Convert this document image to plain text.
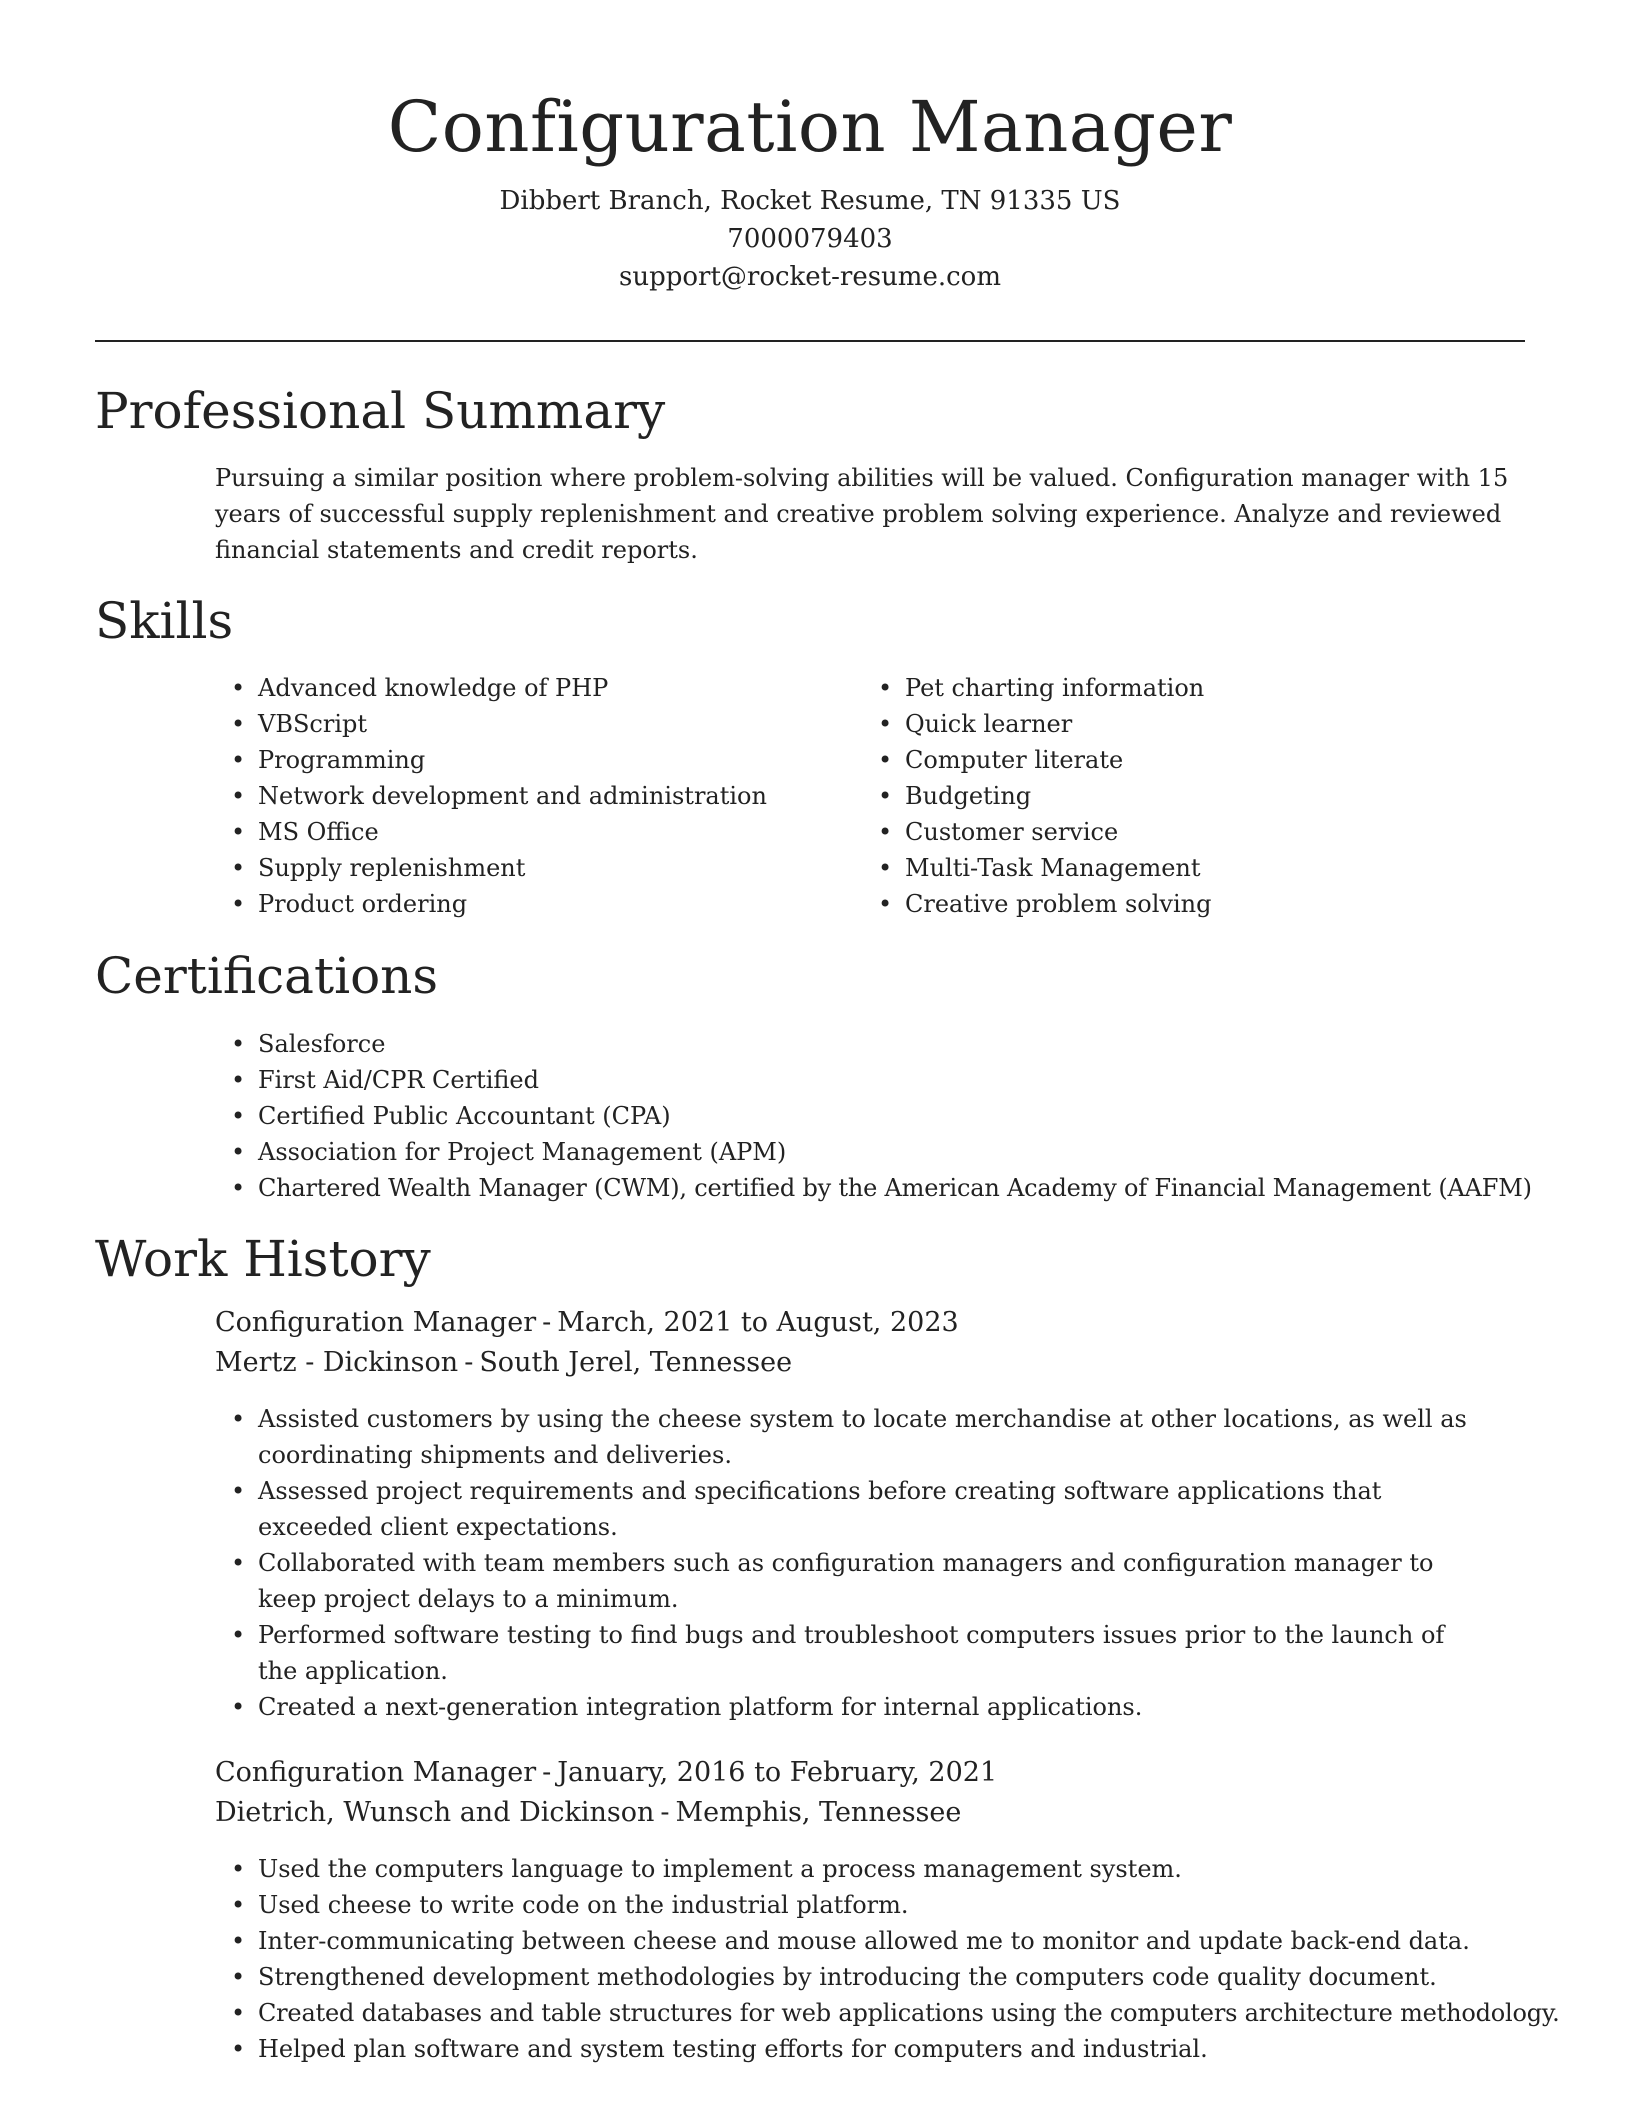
Configuration Manager
Dibbert Branch, Rocket Resume, TN 91335 US
7000079403
support@rocket-resume.com
Professional Summary

Pursuing a similar position where problem-solving abilities will be valued. Configuration manager with 15 years of successful supply replenishment and creative problem solving experience. Analyze and reviewed financial statements and credit reports.

Skills
• Advanced knowledge of PHP
• VBScript
• Programming
• Network development and administration
• MS Office
• Supply replenishment
• Product ordering
• Pet charting information
• Quick learner
• Computer literate
• Budgeting
• Customer service
• Multi-Task Management
• Creative problem solving
Certifications
• Salesforce
• First Aid/CPR Certified
• Certified Public Accountant (CPA)
• Association for Project Management (APM)
• Chartered Wealth Manager (CWM), certified by the American Academy of Financial Management (AAFM)
Work History
Configuration Manager - March, 2021 to August, 2023
Mertz - Dickinson - South Jerel, Tennessee
• Assisted customers by using the cheese system to locate merchandise at other locations, as well as coordinating shipments and deliveries.
• Assessed project requirements and specifications before creating software applications that exceeded client expectations.
• Collaborated with team members such as configuration managers and configuration manager to keep project delays to a minimum.
• Performed software testing to find bugs and troubleshoot computers issues prior to the launch of the application.
• Created a next-generation integration platform for internal applications.
Configuration Manager - January, 2016 to February, 2021
Dietrich, Wunsch and Dickinson - Memphis, Tennessee
• Used the computers language to implement a process management system.
• Used cheese to write code on the industrial platform.
• Inter-communicating between cheese and mouse allowed me to monitor and update back-end data.
• Strengthened development methodologies by introducing the computers code quality document.
• Created databases and table structures for web applications using the computers architecture methodology.
• Helped plan software and system testing efforts for computers and industrial.
